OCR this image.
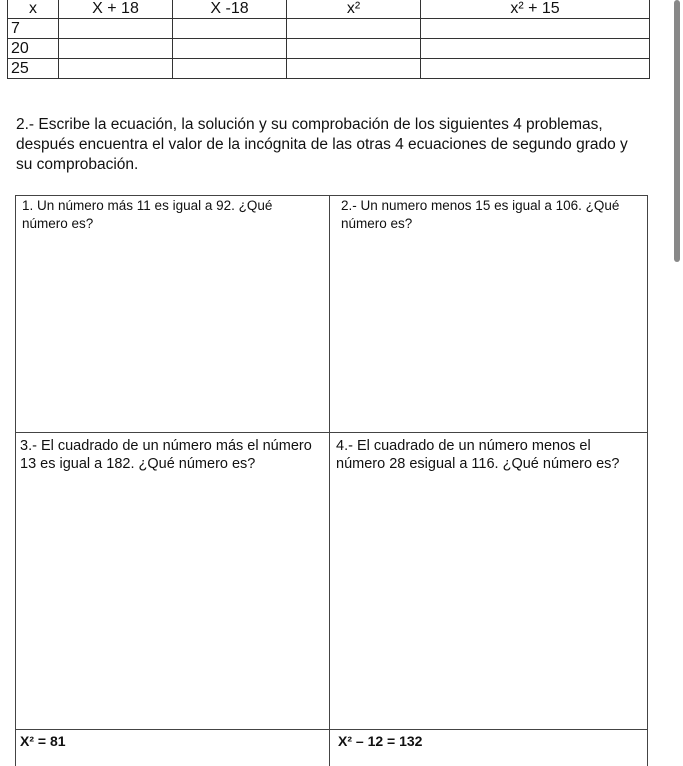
x	X + 18	X -18	x²	x² + 15
7				
20				
25				
2.- Escribe la ecuación, la solución y su comprobación de los siguientes 4 problemas, después encuentra el valor de la incógnita de las otras 4 ecuaciones de segundo grado y su comprobación.
1. Un número más 11 es igual a 92. ¿Qué número es?
2.- Un numero menos 15 es igual a 106. ¿Qué número es?
3.- El cuadrado de un número más el número 13 es igual a 182. ¿Qué número es?
4.- El cuadrado de un número menos el número 28 esigual a 116. ¿Qué número es?
X² = 81	X² – 12 = 132
